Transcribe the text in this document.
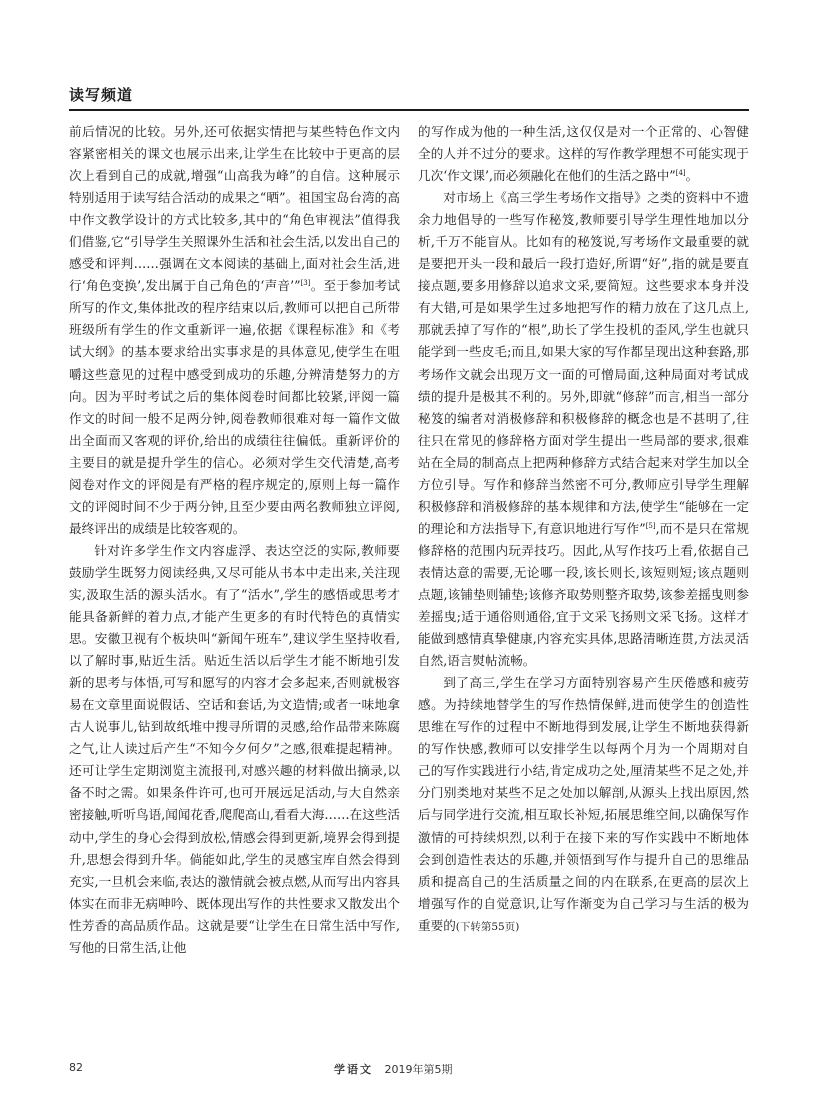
读写频道

前后情况的比较。另外,还可依据实情把与某些特色作文内容紧密相关的课文也展示出来,让学生在比较中于更高的层次上看到自己的成就,增强“山高我为峰”的自信。这种展示特别适用于读写结合活动的成果之“晒”。祖国宝岛台湾的高中作文教学设计的方式比较多,其中的“角色审视法”值得我们借鉴,它“引导学生关照课外生活和社会生活,以发出自己的感受和评判……强调在文本阅读的基础上,面对社会生活,进行‘角色变换’,发出属于自己角色的‘声音’”[3]。至于参加考试所写的作文,集体批改的程序结束以后,教师可以把自己所带班级所有学生的作文重新评一遍,依据《课程标准》和《考试大纲》的基本要求给出实事求是的具体意见,使学生在咀嚼这些意见的过程中感受到成功的乐趣,分辨清楚努力的方向。因为平时考试之后的集体阅卷时间都比较紧,评阅一篇作文的时间一般不足两分钟,阅卷教师很难对每一篇作文做出全面而又客观的评价,给出的成绩往往偏低。重新评价的主要目的就是提升学生的信心。必须对学生交代清楚,高考阅卷对作文的评阅是有严格的程序规定的,原则上每一篇作文的评阅时间不少于两分钟,且至少要由两名教师独立评阅,最终评出的成绩是比较客观的。

针对许多学生作文内容虚浮、表达空泛的实际,教师要鼓励学生既努力阅读经典,又尽可能从书本中走出来,关注现实,汲取生活的源头活水。有了“活水”,学生的感悟或思考才能具备新鲜的着力点,才能产生更多的有时代特色的真情实思。安徽卫视有个板块叫“新闻午班车”,建议学生坚持收看,以了解时事,贴近生活。贴近生活以后学生才能不断地引发新的思考与体悟,可写和愿写的内容才会多起来,否则就极容易在文章里面说假话、空话和套话,为文造情;或者一味地拿古人说事儿,钻到故纸堆中搜寻所谓的灵感,给作品带来陈腐之气,让人读过后产生“不知今夕何夕”之感,很难提起精神。还可让学生定期浏览主流报刊,对感兴趣的材料做出摘录,以备不时之需。如果条件许可,也可开展远足活动,与大自然亲密接触,听听鸟语,闻闻花香,爬爬高山,看看大海……在这些活动中,学生的身心会得到放松,情感会得到更新,境界会得到提升,思想会得到升华。倘能如此,学生的灵感宝库自然会得到充实,一旦机会来临,表达的激情就会被点燃,从而写出内容具体实在而非无病呻吟、既体现出写作的共性要求又散发出个性芳香的高品质作品。这就是要“让学生在日常生活中写作,写他的日常生活,让他

的写作成为他的一种生活,这仅仅是对一个正常的、心智健全的人并不过分的要求。这样的写作教学理想不可能实现于几次‘作文课’,而必须融化在他们的生活之路中”[4]。

对市场上《高三学生考场作文指导》之类的资料中不遗余力地倡导的一些写作秘笈,教师要引导学生理性地加以分析,千万不能盲从。比如有的秘笈说,写考场作文最重要的就是要把开头一段和最后一段打造好,所谓“好”,指的就是要直接点题,要多用修辞以追求文采,要简短。这些要求本身并没有大错,可是如果学生过多地把写作的精力放在了这几点上,那就丢掉了写作的“根”,助长了学生投机的歪风,学生也就只能学到一些皮毛;而且,如果大家的写作都呈现出这种套路,那考场作文就会出现万文一面的可憎局面,这种局面对考试成绩的提升是极其不利的。另外,即就“修辞”而言,相当一部分秘笈的编者对消极修辞和积极修辞的概念也是不甚明了,往往只在常见的修辞格方面对学生提出一些局部的要求,很难站在全局的制高点上把两种修辞方式结合起来对学生加以全方位引导。写作和修辞当然密不可分,教师应引导学生理解积极修辞和消极修辞的基本规律和方法,使学生“能够在一定的理论和方法指导下,有意识地进行写作”[5],而不是只在常规修辞格的范围内玩弄技巧。因此,从写作技巧上看,依据自己表情达意的需要,无论哪一段,该长则长,该短则短;该点题则点题,该铺垫则铺垫;该修齐取势则整齐取势,该参差摇曳则参差摇曳;适于通俗则通俗,宜于文采飞扬则文采飞扬。这样才能做到感情真挚健康,内容充实具体,思路清晰连贯,方法灵活自然,语言熨帖流畅。

到了高三,学生在学习方面特别容易产生厌倦感和疲劳感。为持续地替学生的写作热情保鲜,进而使学生的创造性思维在写作的过程中不断地得到发展,让学生不断地获得新的写作快感,教师可以安排学生以每两个月为一个周期对自己的写作实践进行小结,肯定成功之处,厘清某些不足之处,并分门别类地对某些不足之处加以解剖,从源头上找出原因,然后与同学进行交流,相互取长补短,拓展思维空间,以确保写作激情的可持续炽烈,以利于在接下来的写作实践中不断地体会到创造性表达的乐趣,并领悟到写作与提升自己的思维品质和提高自己的生活质量之间的内在联系,在更高的层次上增强写作的自觉意识,让写作渐变为自己学习与生活的极为重要的(下转第55页)

82	学语文 2019年第5期
